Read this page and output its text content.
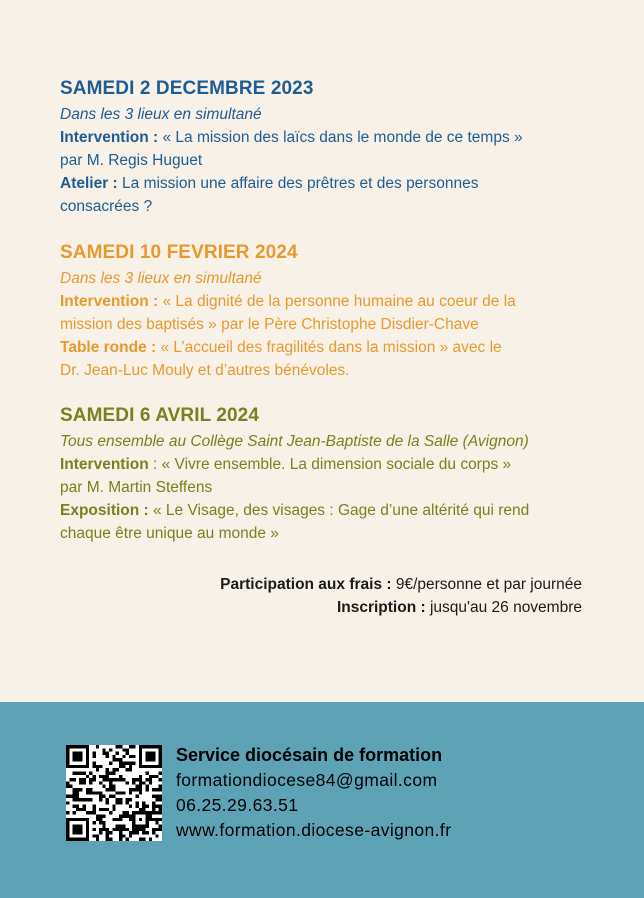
SAMEDI 2 DECEMBRE 2023
Dans les 3 lieux en simultané
Intervention : « La mission des laïcs dans le monde de ce temps »
par M. Regis Huguet
Atelier : La mission une affaire des prêtres et des personnes
consacrées ?
SAMEDI 10 FEVRIER 2024
Dans les 3 lieux en simultané
Intervention : « La dignité de la personne humaine au coeur de la
mission des baptisés » par le Père Christophe Disdier-Chave
Table ronde : « L’accueil des fragilités dans la mission » avec le
Dr. Jean-Luc Mouly et d’autres bénévoles.
SAMEDI 6 AVRIL 2024
Tous ensemble au Collège Saint Jean-Baptiste de la Salle (Avignon)
Intervention : « Vivre ensemble. La dimension sociale du corps »
par M. Martin Steffens
Exposition : « Le Visage, des visages : Gage d’une altérité qui rend
chaque être unique au monde »
Participation aux frais : 9€/personne et par journée
Inscription : jusqu'au 26 novembre
Service diocésain de formation
formationdiocese84@gmail.com
06.25.29.63.51
www.formation.diocese-avignon.fr
